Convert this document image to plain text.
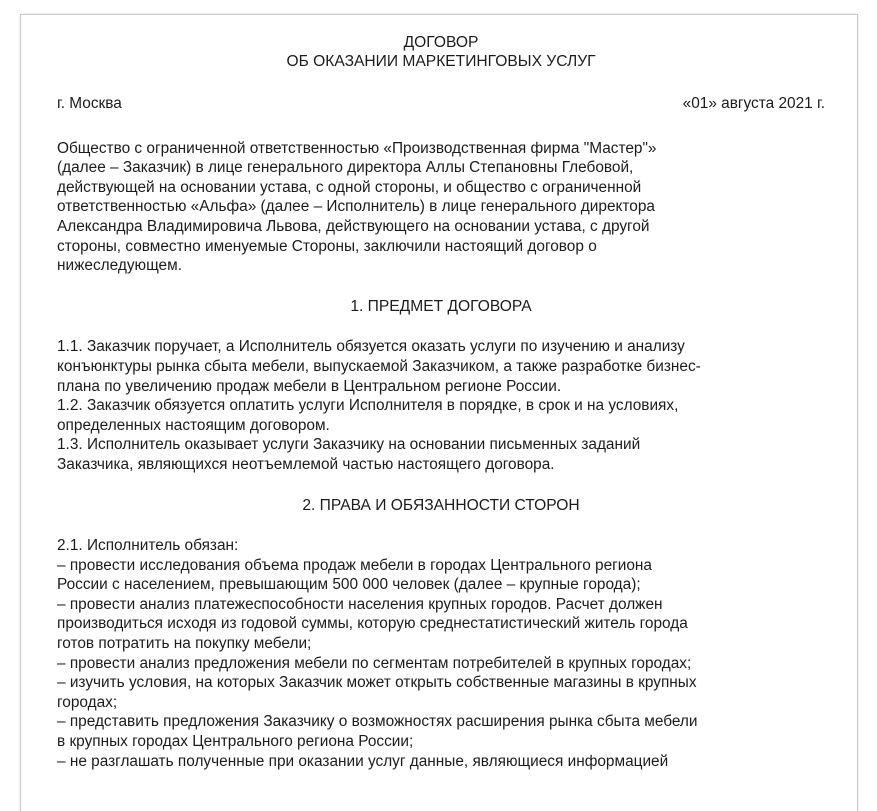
ДОГОВОР
ОБ ОКАЗАНИИ МАРКЕТИНГОВЫХ УСЛУГ
г. Москва	«01» августа 2021 г.
Общество с ограниченной ответственностью «Производственная фирма "Мастер"»
(далее – Заказчик) в лице генерального директора Аллы Степановны Глебовой,
действующей на основании устава, с одной стороны, и общество с ограниченной
ответственностью «Альфа» (далее – Исполнитель) в лице генерального директора
Александра Владимировича Львова, действующего на основании устава, с другой
стороны, совместно именуемые Стороны, заключили настоящий договор о
нижеследующем.
1. ПРЕДМЕТ ДОГОВОРА
1.1. Заказчик поручает, а Исполнитель обязуется оказать услуги по изучению и анализу
конъюнктуры рынка сбыта мебели, выпускаемой Заказчиком, а также разработке бизнес-
плана по увеличению продаж мебели в Центральном регионе России.
1.2. Заказчик обязуется оплатить услуги Исполнителя в порядке, в срок и на условиях,
определенных настоящим договором.
1.3. Исполнитель оказывает услуги Заказчику на основании письменных заданий
Заказчика, являющихся неотъемлемой частью настоящего договора.
2. ПРАВА И ОБЯЗАННОСТИ СТОРОН
2.1. Исполнитель обязан:
– провести исследования объема продаж мебели в городах Центрального региона
России с населением, превышающим 500 000 человек (далее – крупные города);
– провести анализ платежеспособности населения крупных городов. Расчет должен
производиться исходя из годовой суммы, которую среднестатистический житель города
готов потратить на покупку мебели;
– провести анализ предложения мебели по сегментам потребителей в крупных городах;
– изучить условия, на которых Заказчик может открыть собственные магазины в крупных
городах;
– представить предложения Заказчику о возможностях расширения рынка сбыта мебели
в крупных городах Центрального региона России;
– не разглашать полученные при оказании услуг данные, являющиеся информацией
